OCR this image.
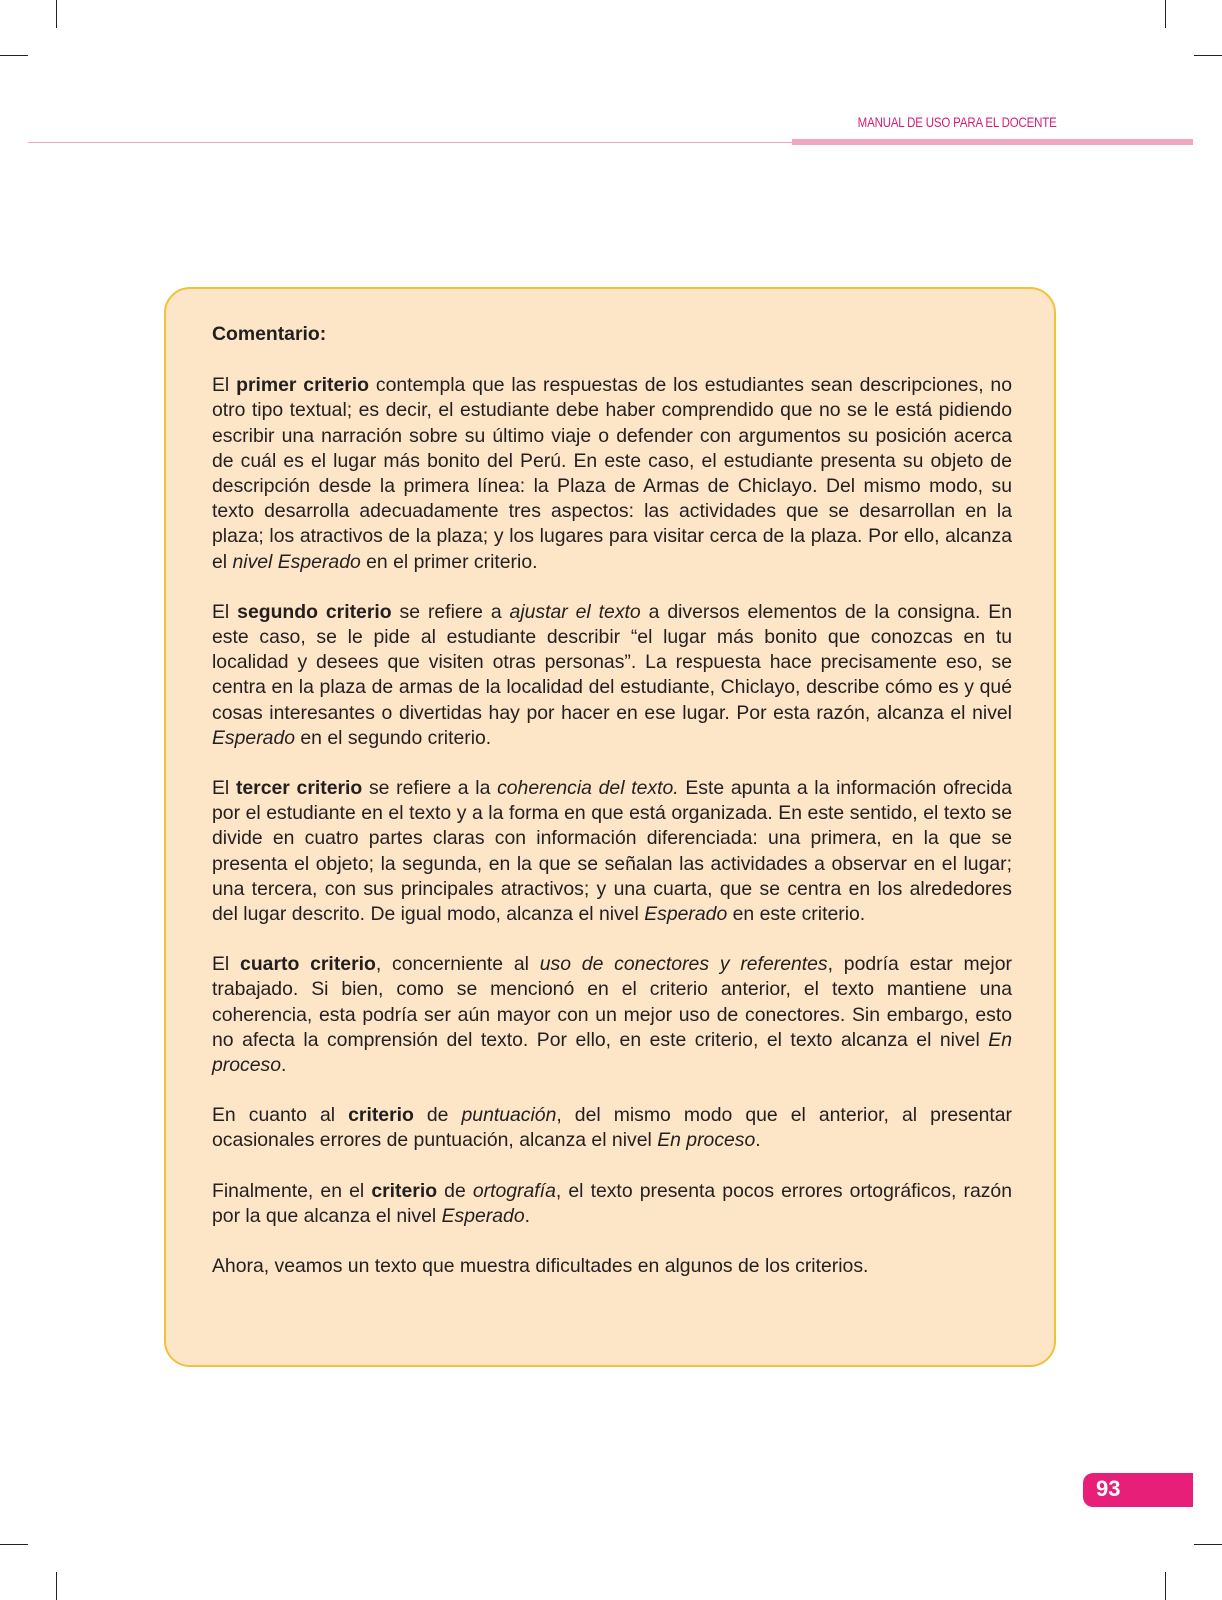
MANUAL DE USO PARA EL DOCENTE

Comentario:

El primer criterio contempla que las respuestas de los estudiantes sean descripciones, no otro tipo textual; es decir, el estudiante debe haber comprendido que no se le está pidiendo escribir una narración sobre su último viaje o defender con argumentos su posición acerca de cuál es el lugar más bonito del Perú. En este caso, el estudiante presenta su objeto de descripción desde la primera línea: la Plaza de Armas de Chiclayo. Del mismo modo, su texto desarrolla adecuadamente tres aspectos: las actividades que se desarrollan en la plaza; los atractivos de la plaza; y los lugares para visitar cerca de la plaza. Por ello, alcanza el nivel Esperado en el primer criterio.

El segundo criterio se refiere a ajustar el texto a diversos elementos de la consigna. En este caso, se le pide al estudiante describir “el lugar más bonito que conozcas en tu localidad y desees que visiten otras personas”. La respuesta hace precisamente eso, se centra en la plaza de armas de la localidad del estudiante, Chiclayo, describe cómo es y qué cosas interesantes o divertidas hay por hacer en ese lugar. Por esta razón, alcanza el nivel Esperado en el segundo criterio.

El tercer criterio se refiere a la coherencia del texto. Este apunta a la información ofrecida por el estudiante en el texto y a la forma en que está organizada. En este sentido, el texto se divide en cuatro partes claras con información diferenciada: una primera, en la que se presenta el objeto; la segunda, en la que se señalan las actividades a observar en el lugar; una tercera, con sus principales atractivos; y una cuarta, que se centra en los alrededores del lugar descrito. De igual modo, alcanza el nivel Esperado en este criterio.

El cuarto criterio, concerniente al uso de conectores y referentes, podría estar mejor trabajado. Si bien, como se mencionó en el criterio anterior, el texto mantiene una coherencia, esta podría ser aún mayor con un mejor uso de conectores. Sin embargo, esto no afecta la comprensión del texto. Por ello, en este criterio, el texto alcanza el nivel En proceso.

En cuanto al criterio de puntuación, del mismo modo que el anterior, al presentar ocasionales errores de puntuación, alcanza el nivel En proceso.

Finalmente, en el criterio de ortografía, el texto presenta pocos errores ortográficos, razón por la que alcanza el nivel Esperado.

Ahora, veamos un texto que muestra dificultades en algunos de los criterios.

93
